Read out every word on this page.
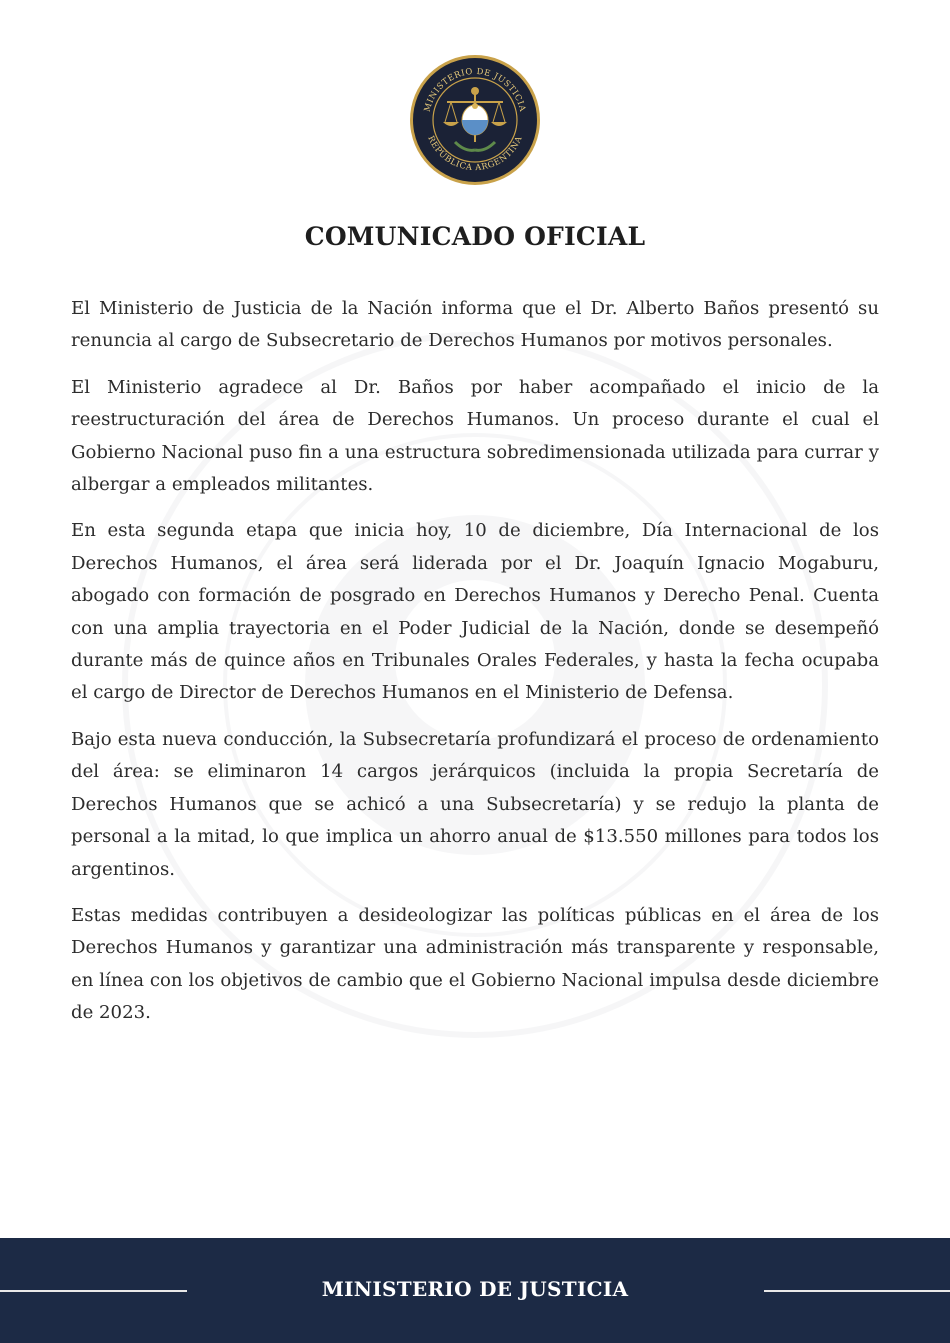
MINISTERIO DE JUSTICIA
REPÚBLICA ARGENTINA
COMUNICADO OFICIAL

El Ministerio de Justicia de la Nación informa que el Dr. Alberto Baños presentó su renuncia al cargo de Subsecretario de Derechos Humanos por motivos personales.

El Ministerio agradece al Dr. Baños por haber acompañado el inicio de la reestructuración del área de Derechos Humanos. Un proceso durante el cual el Gobierno Nacional puso fin a una estructura sobredimensionada utilizada para currar y albergar a empleados militantes.

En esta segunda etapa que inicia hoy, 10 de diciembre, Día Internacional de los Derechos Humanos, el área será liderada por el Dr. Joaquín Ignacio Mogaburu, abogado con formación de posgrado en Derechos Humanos y Derecho Penal. Cuenta con una amplia trayectoria en el Poder Judicial de la Nación, donde se desempeñó durante más de quince años en Tribunales Orales Federales, y hasta la fecha ocupaba el cargo de Director de Derechos Humanos en el Ministerio de Defensa.

Bajo esta nueva conducción, la Subsecretaría profundizará el proceso de ordenamiento del área: se eliminaron 14 cargos jerárquicos (incluida la propia Secretaría de Derechos Humanos que se achicó a una Subsecretaría) y se redujo la planta de personal a la mitad, lo que implica un ahorro anual de $13.550 millones para todos los argentinos.

Estas medidas contribuyen a desideologizar las políticas públicas en el área de los Derechos Humanos y garantizar una administración más transparente y responsable, en línea con los objetivos de cambio que el Gobierno Nacional impulsa desde diciembre de 2023.

MINISTERIO DE JUSTICIA
